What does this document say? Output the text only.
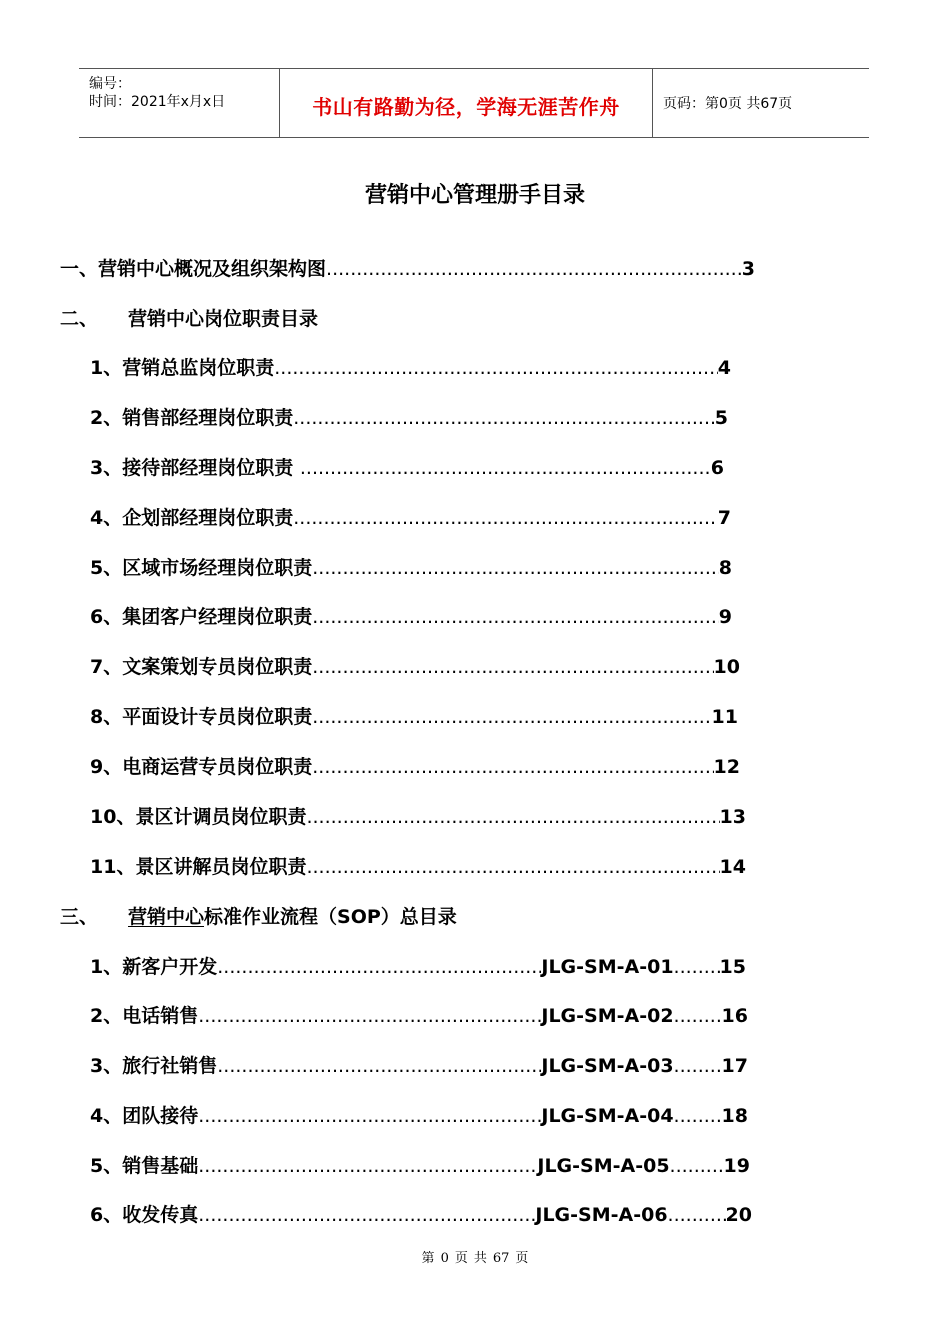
编号：
时间：2021年x月x日	书山有路勤为径，学海无涯苦作舟	页码：第0页 共67页
营销中心管理册手目录
一、 营销中心概况及组织架构图 .....	3
二、	营销中心岗位职责目录
1、 营销总监岗位职责 .....	4
2、 销售部经理岗位职责 .....	5
3、 接待部经理岗位职责 .....	6
4、 企划部经理岗位职责 .....	7
5、 区域市场经理岗位职责 .....	8
6、 集团客户经理岗位职责 .....	9
7、 文案策划专员岗位职责 .....	10
8、 平面设计专员岗位职责 .....	11
9、 电商运营专员岗位职责 .....	12
10、 景区计调员岗位职责 .....	13
11、 景区讲解员岗位职责 .....	14
三、	营销中心 标准作业流程（SOP）总目录
1、 新客户开发 .....	JLG-SM-A-01 ..... 15
2、 电话销售 .....	JLG-SM-A-02 .....	16
3、 旅行社销售 .....	JLG-SM-A-03 .....	17
4、 团队接待 .....	JLG-SM-A-04 .....	18
5、 销售基础 .....	JLG-SM-A-05 .....	19
6、 收发传真 .....	JLG-SM-A-06 .....	20
第 0 页 共 67 页
